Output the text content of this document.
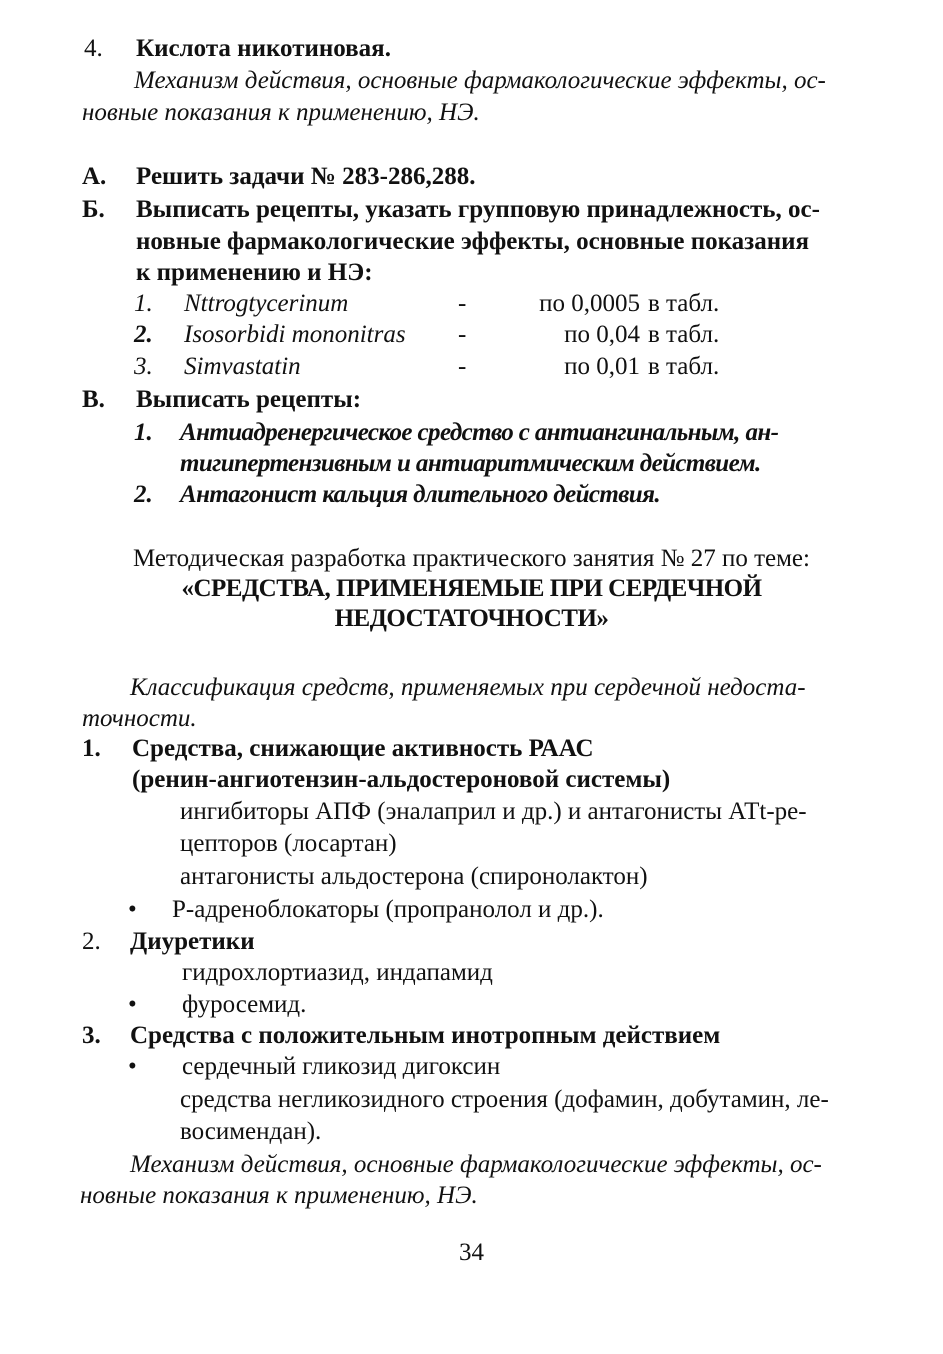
4. Кислота никотиновая.
Механизм действия, основные фармакологические эффекты, ос-
новные показания к применению, НЭ.
А. Решить задачи № 283-286,288.
Б. Выписать рецепты, указать групповую принадлежность, ос-
новные фармакологические эффекты, основные показания
к применению и НЭ:
1. Nttrogtycerinum	-	по 0,0005 в табл.
2. Isosorbidi mononitras -	по 0,04 в табл.
3. Simvastatin	-	по 0,01 в табл.
В. Выписать рецепты:
1. Антиадренергическое средство с антиангинальным, ан-
тигипертензивным и антиаритмическим действием.
2. Антагонист кальция длительного действия.
Методическая разработка практического занятия № 27 по теме:
«СРЕДСТВА, ПРИМЕНЯЕМЫЕ ПРИ СЕРДЕЧНОЙ
НЕДОСТАТОЧНОСТИ»
Классификация средств, применяемых при сердечной недоста-
точности.
1. Средства, снижающие активность РААС
(ренин-ангиотензин-альдостероновой системы)
ингибиторы АПФ (эналаприл и др.) и антагонисты АТt-ре-
цепторов (лосартан)
антагонисты альдостерона (спиронолактон)
• Р-адреноблокаторы (пропранолол и др.).
2. Диуретики
гидрохлортиазид, индапамид
• фуросемид.
3. Средства с положительным инотропным действием
• сердечный гликозид дигоксин
средства негликозидного строения (дофамин, добутамин, ле-
восимендан).
Механизм действия, основные фармакологические эффекты, ос-
новные показания к применению, НЭ.
34
